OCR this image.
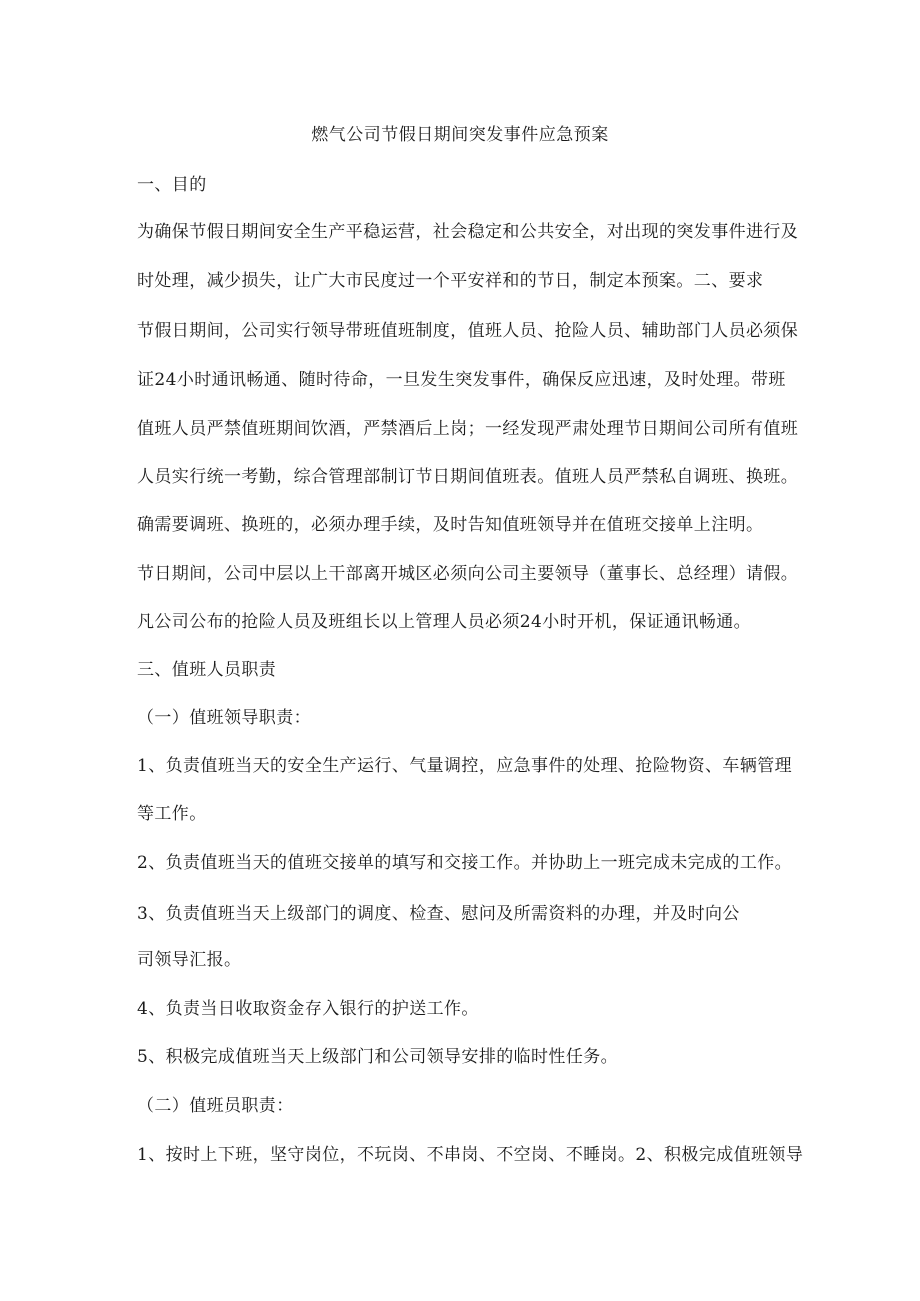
燃气公司节假日期间突发事件应急预案
一、目的
为确保节假日期间安全生产平稳运营，社会稳定和公共安全，对出现的突发事件进行及
时处理，减少损失，让广大市民度过一个平安祥和的节日，制定本预案。二、要求
节假日期间，公司实行领导带班值班制度，值班人员、抢险人员、辅助部门人员必须保
证24小时通讯畅通、随时待命，一旦发生突发事件，确保反应迅速，及时处理。带班
值班人员严禁值班期间饮酒，严禁酒后上岗；一经发现严肃处理节日期间公司所有值班
人员实行统一考勤，综合管理部制订节日期间值班表。值班人员严禁私自调班、换班。
确需要调班、换班的，必须办理手续，及时告知值班领导并在值班交接单上注明。
节日期间，公司中层以上干部离开城区必须向公司主要领导（董事长、总经理）请假。
凡公司公布的抢险人员及班组长以上管理人员必须24小时开机，保证通讯畅通。
三、值班人员职责
（一）值班领导职责：
1、负责值班当天的安全生产运行、气量调控，应急事件的处理、抢险物资、车辆管理
等工作。
2、负责值班当天的值班交接单的填写和交接工作。并协助上一班完成未完成的工作。
3、负责值班当天上级部门的调度、检查、慰问及所需资料的办理，并及时向公
司领导汇报。
4、负责当日收取资金存入银行的护送工作。
5、积极完成值班当天上级部门和公司领导安排的临时性任务。
（二）值班员职责：
1、按时上下班，坚守岗位，不玩岗、不串岗、不空岗、不睡岗。2、积极完成值班领导
